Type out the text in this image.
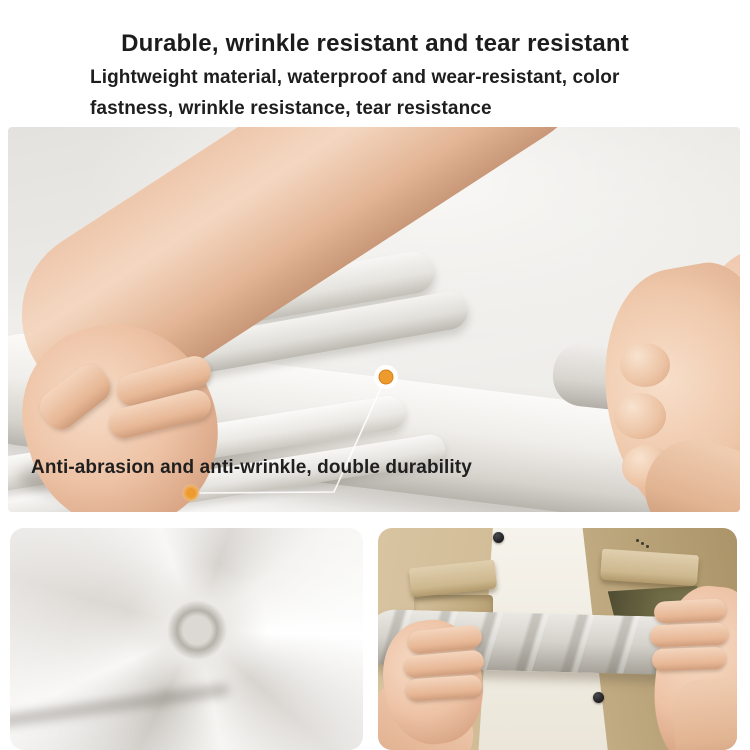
Durable, wrinkle resistant and tear resistant
Lightweight material, waterproof and wear-resistant, color
fastness, wrinkle resistance, tear resistance
Anti-abrasion and anti-wrinkle, double durability
